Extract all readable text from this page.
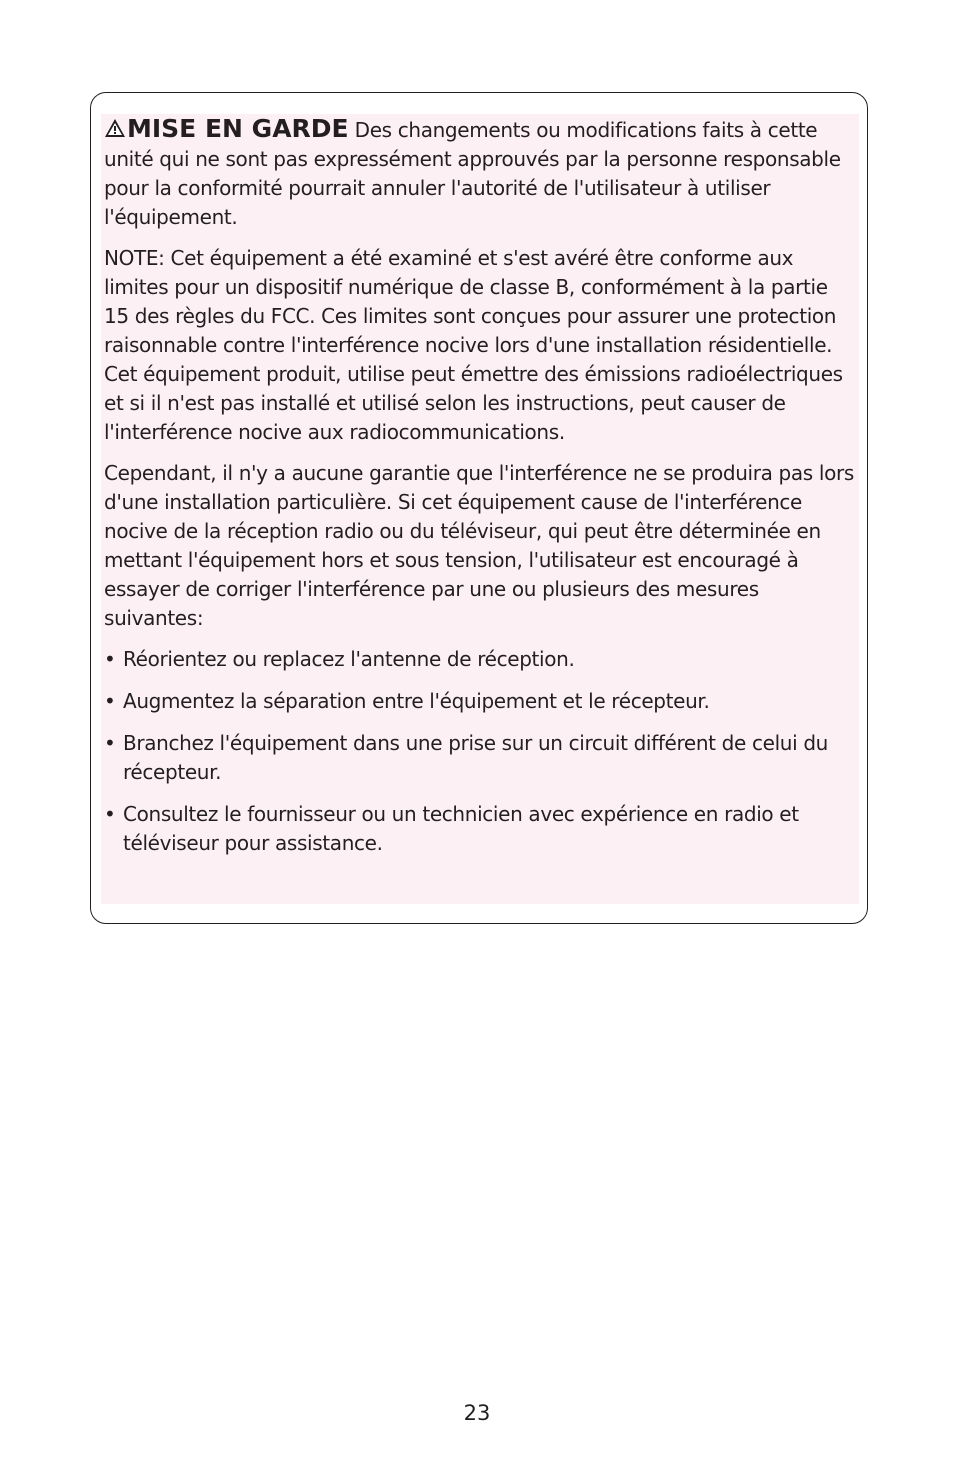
MISE EN GARDE Des changements ou modifications faits à cette unité qui ne sont pas expressément approuvés par la personne responsable pour la conformité pourrait annuler l'autorité de l'utilisateur à utiliser l'équipement.

NOTE: Cet équipement a été examiné et s'est avéré être conforme aux limites pour un dispositif numérique de classe B, conformément à la partie 15 des règles du FCC. Ces limites sont conçues pour assurer une protection raisonnable contre l'interférence nocive lors d'une installation résidentielle. Cet équipement produit, utilise peut émettre des émissions radioélectriques et si il n'est pas installé et utilisé selon les instructions, peut causer de l'interférence nocive aux radiocommunications.

Cependant, il n'y a aucune garantie que l'interférence ne se produira pas lors d'une installation particulière. Si cet équipement cause de l'interférence nocive de la réception radio ou du téléviseur, qui peut être déterminée en mettant l'équipement hors et sous tension, l'utilisateur est encouragé à essayer de corriger l'interférence par une ou plusieurs des mesures suivantes:

• Réorientez ou replacez l'antenne de réception.
• Augmentez la séparation entre l'équipement et le récepteur.
• Branchez l'équipement dans une prise sur un circuit différent de celui du récepteur.
• Consultez le fournisseur ou un technicien avec expérience en radio et téléviseur pour assistance.
23
